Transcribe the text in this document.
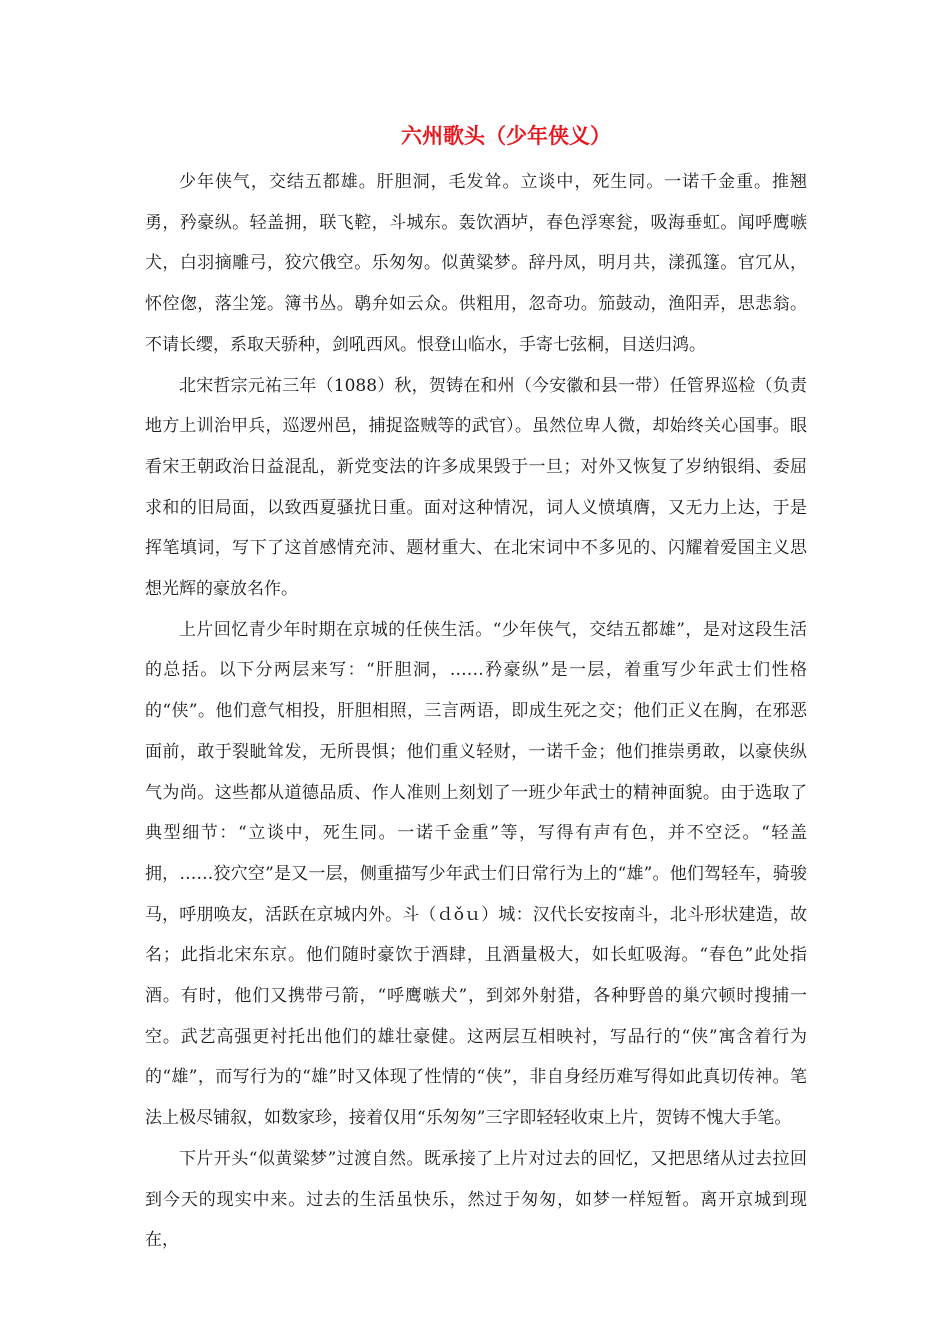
六州歌头（少年侠义）

少年侠气，交结五都雄。肝胆洞，毛发耸。立谈中，死生同。一诺千金重。推翘勇，矜豪纵。轻盖拥，联飞鞚，斗城东。轰饮酒垆，春色浮寒瓮，吸海垂虹。闻呼鹰嗾犬，白羽摘雕弓，狡穴俄空。乐匆匆。似黄粱梦。辞丹凤，明月共，漾孤篷。官冗从，怀倥偬，落尘笼。簿书丛。鹖弁如云众。供粗用，忽奇功。笳鼓动，渔阳弄，思悲翁。不请长缨，系取天骄种，剑吼西风。恨登山临水，手寄七弦桐，目送归鸿。

北宋哲宗元祐三年（1088）秋，贺铸在和州（今安徽和县一带）任管界巡检（负责地方上训治甲兵，巡逻州邑，捕捉盗贼等的武官）。虽然位卑人微，却始终关心国事。眼看宋王朝政治日益混乱，新党变法的许多成果毁于一旦；对外又恢复了岁纳银绢、委屈求和的旧局面，以致西夏骚扰日重。面对这种情况，词人义愤填膺，又无力上达，于是挥笔填词，写下了这首感情充沛、题材重大、在北宋词中不多见的、闪耀着爱国主义思想光辉的豪放名作。

上片回忆青少年时期在京城的任侠生活。“少年侠气，交结五都雄”，是对这段生活的总括。以下分两层来写：“肝胆洞，……矜豪纵”是一层，着重写少年武士们性格的“侠”。他们意气相投，肝胆相照，三言两语，即成生死之交；他们正义在胸，在邪恶面前，敢于裂眦耸发，无所畏惧；他们重义轻财，一诺千金；他们推崇勇敢，以豪侠纵气为尚。这些都从道德品质、作人准则上刻划了一班少年武士的精神面貌。由于选取了典型细节：“立谈中，死生同。一诺千金重”等，写得有声有色，并不空泛。“轻盖拥，……狡穴空”是又一层，侧重描写少年武士们日常行为上的“雄”。他们驾轻车，骑骏马，呼朋唤友，活跃在京城内外。斗（ｄǒｕ）城：汉代长安按南斗，北斗形状建造，故名；此指北宋东京。他们随时豪饮于酒肆，且酒量极大，如长虹吸海。“春色”此处指酒。有时，他们又携带弓箭，“呼鹰嗾犬”，到郊外射猎，各种野兽的巢穴顿时搜捕一空。武艺高强更衬托出他们的雄壮豪健。这两层互相映衬，写品行的“侠”寓含着行为的“雄”，而写行为的“雄”时又体现了性情的“侠”，非自身经历难写得如此真切传神。笔法上极尽铺叙，如数家珍，接着仅用“乐匆匆”三字即轻轻收束上片，贺铸不愧大手笔。

下片开头“似黄粱梦”过渡自然。既承接了上片对过去的回忆，又把思绪从过去拉回到今天的现实中来。过去的生活虽快乐，然过于匆匆，如梦一样短暂。离开京城到现在，
